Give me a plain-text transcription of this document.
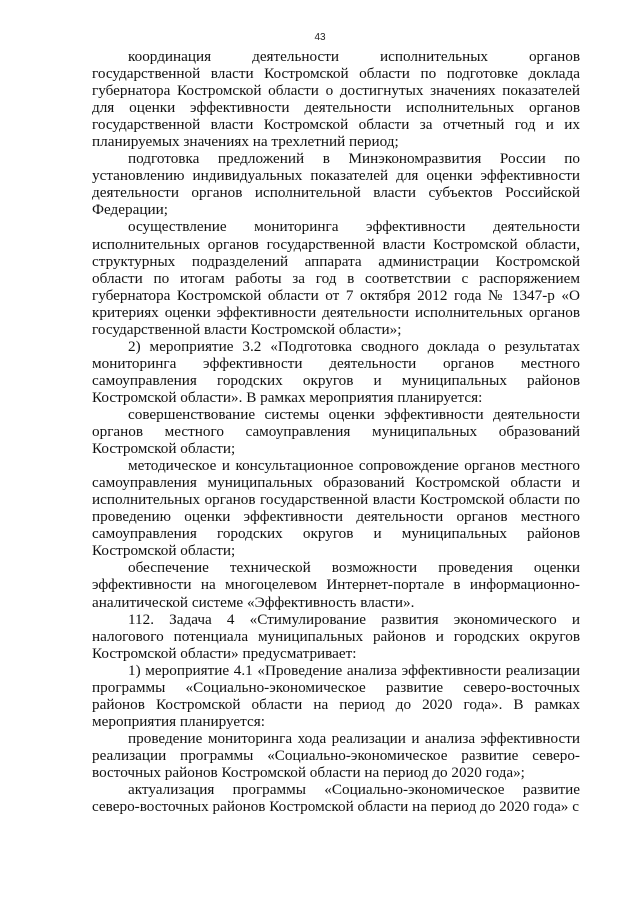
43

координация деятельности исполнительных органов государственной власти Костромской области по подготовке доклада губернатора Костромской области о достигнутых значениях показателей для оценки эффективности деятельности исполнительных органов государственной власти Костромской области за отчетный год и их планируемых значениях на трехлетний период;

подготовка предложений в Минэкономразвития России по установлению индивидуальных показателей для оценки эффективности деятельности органов исполнительной власти субъектов Российской Федерации;

осуществление мониторинга эффективности деятельности исполнительных органов государственной власти Костромской области, структурных подразделений аппарата администрации Костромской области по итогам работы за год в соответствии с распоряжением губернатора Костромской области от 7 октября 2012 года № 1347-р «О критериях оценки эффективности деятельности исполнительных органов государственной власти Костромской области»;

2) мероприятие 3.2 «Подготовка сводного доклада о результатах мониторинга эффективности деятельности органов местного самоуправления городских округов и муниципальных районов Костромской области». В рамках мероприятия планируется:

совершенствование системы оценки эффективности деятельности органов местного самоуправления муниципальных образований Костромской области;

методическое и консультационное сопровождение органов местного самоуправления муниципальных образований Костромской области и исполнительных органов государственной власти Костромской области по проведению оценки эффективности деятельности органов местного самоуправления городских округов и муниципальных районов Костромской области;

обеспечение технической возможности проведения оценки эффективности на многоцелевом Интернет-портале в информационно-аналитической системе «Эффективность власти».

112. Задача 4 «Стимулирование развития экономического и налогового потенциала муниципальных районов и городских округов Костромской области» предусматривает:

1) мероприятие 4.1 «Проведение анализа эффективности реализации программы «Социально-экономическое развитие северо-восточных районов Костромской области на период до 2020 года». В рамках мероприятия планируется:

проведение мониторинга хода реализации и анализа эффективности реализации программы «Социально-экономическое развитие северо-восточных районов Костромской области на период до 2020 года»;

актуализация программы «Социально-экономическое развитие северо-восточных районов Костромской области на период до 2020 года» с
